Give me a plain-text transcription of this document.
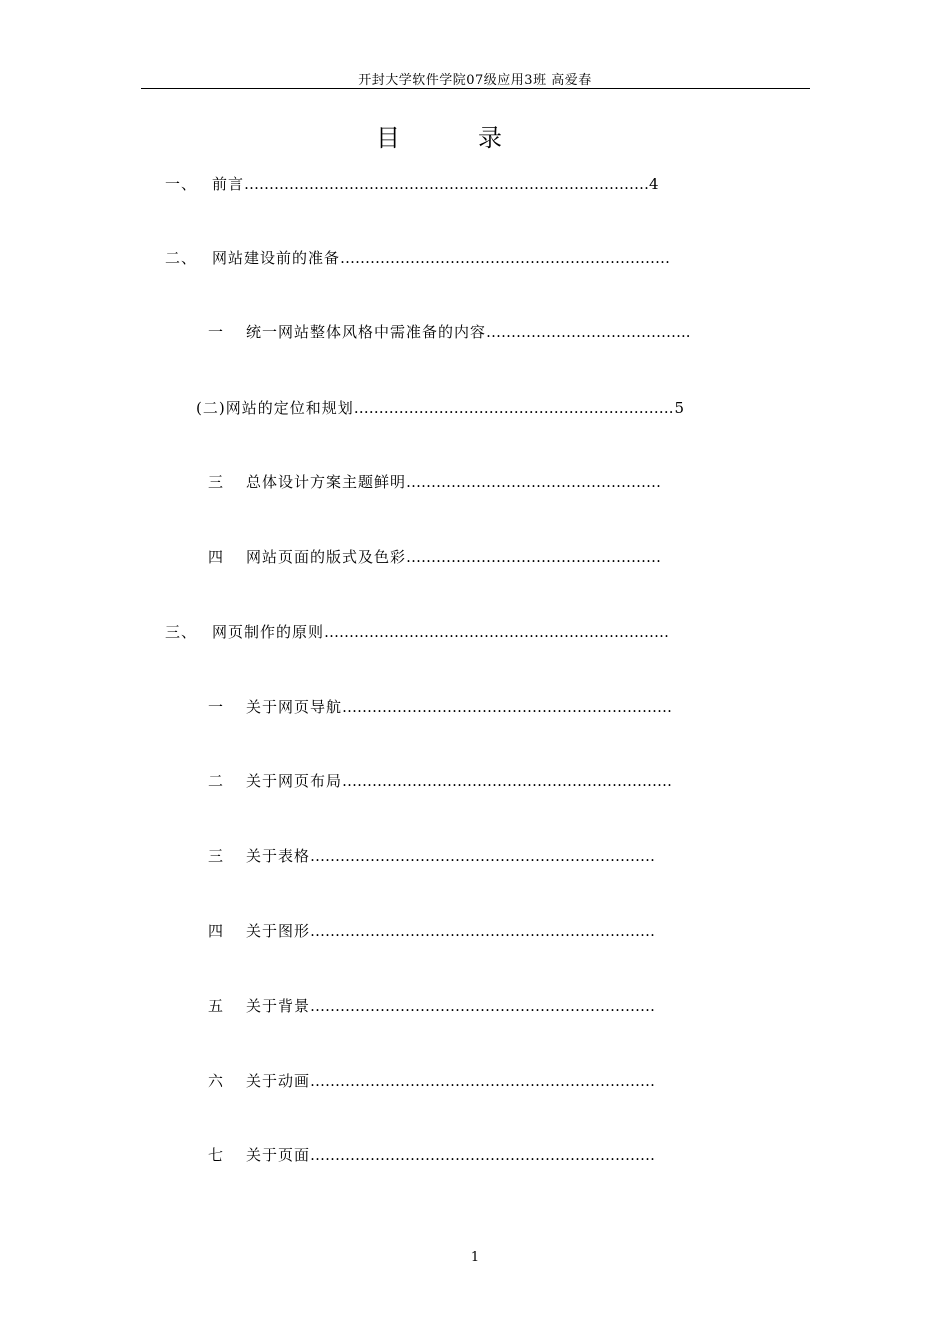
开封大学软件学院07级应用3班 高爱春
目	录
一、 前言………………………………………………………………………4
二、 网站建设前的准备…………………………………………………………
一 统一网站整体风格中需准备的内容…………………………………..
(二)网站的定位和规划……………………………………………………….5
三 总体设计方案主题鲜明……………………………………………
四 网站页面的版式及色彩……………………………………………
三、 网页制作的原则……………………………………………………………
一 关于网页导航…………………………………………………………
二 关于网页布局…………………………………………………………
三 关于表格……………………………………………………………
四 关于图形……………………………………………………………
五 关于背景……………………………………………………………
六 关于动画……………………………………………………………
七 关于页面……………………………………………………………
1
